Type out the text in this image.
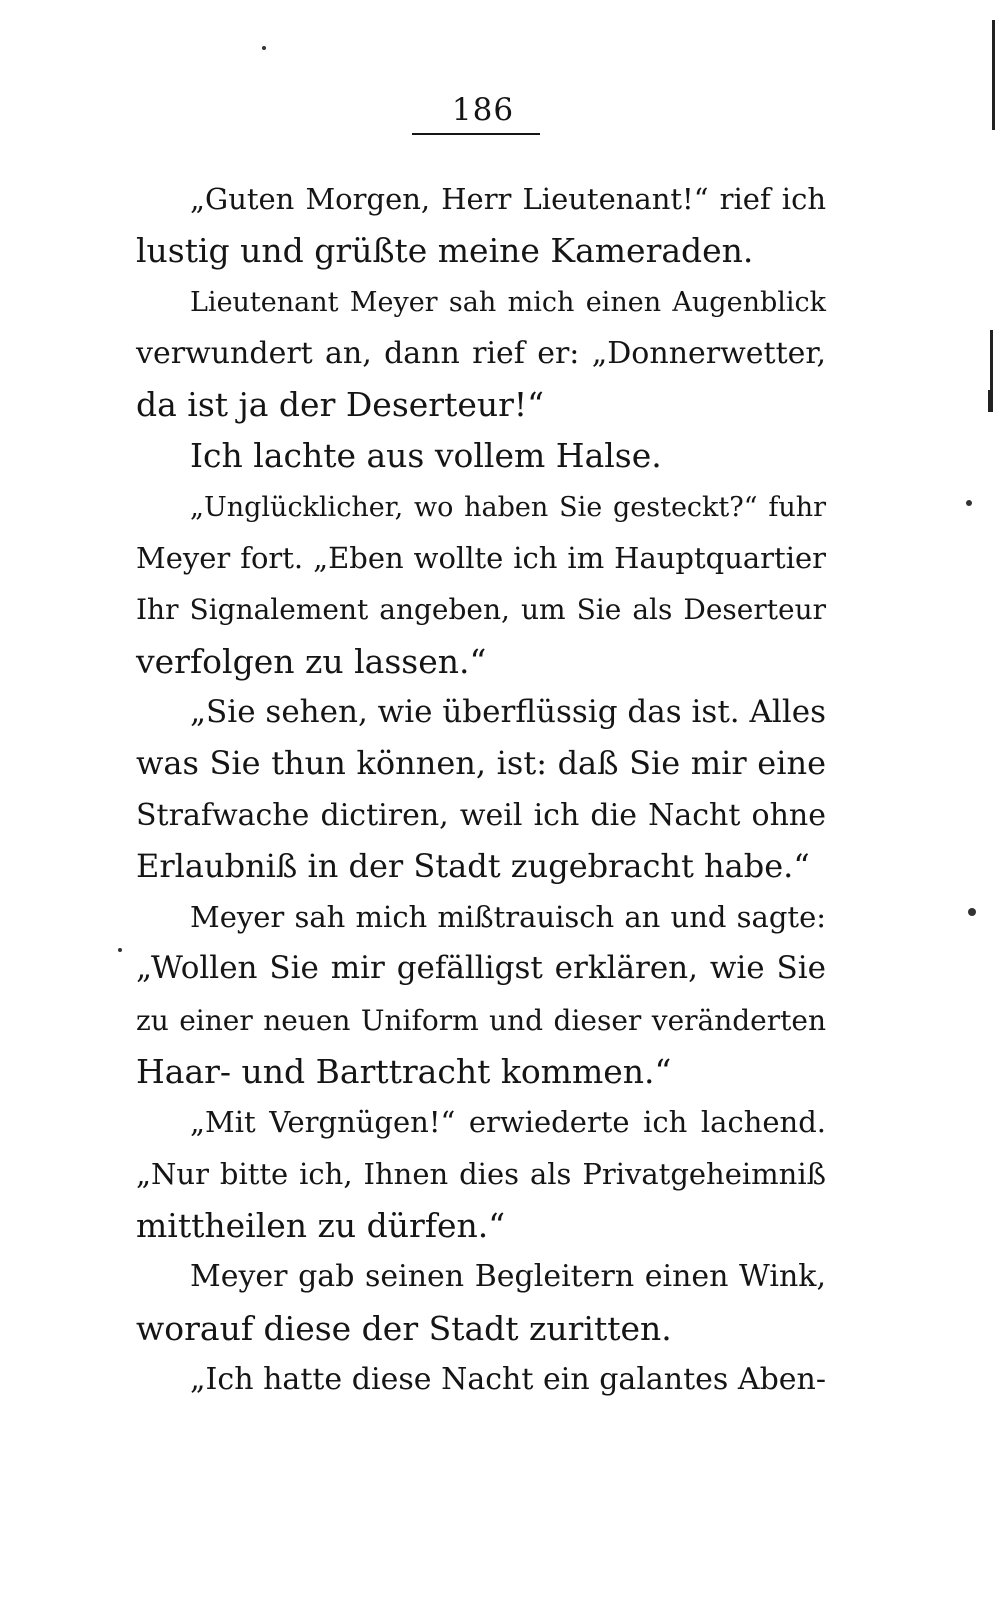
186
„Guten Morgen, Herr Lieutenant!“ rief ich
lustig und grüßte meine Kameraden.
Lieutenant Meyer sah mich einen Augenblick
verwundert an, dann rief er: „Donnerwetter,
da ist ja der Deserteur!“
Ich lachte aus vollem Halse.
„Unglücklicher, wo haben Sie gesteckt?“ fuhr
Meyer fort. „Eben wollte ich im Hauptquartier
Ihr Signalement angeben, um Sie als Deserteur
verfolgen zu lassen.“
„Sie sehen, wie überflüssig das ist. Alles
was Sie thun können, ist: daß Sie mir eine
Strafwache dictiren, weil ich die Nacht ohne
Erlaubniß in der Stadt zugebracht habe.“
Meyer sah mich mißtrauisch an und sagte:
„Wollen Sie mir gefälligst erklären, wie Sie
zu einer neuen Uniform und dieser veränderten
Haar- und Barttracht kommen.“
„Mit Vergnügen!“ erwiederte ich lachend.
„Nur bitte ich, Ihnen dies als Privatgeheimniß
mittheilen zu dürfen.“
Meyer gab seinen Begleitern einen Wink,
worauf diese der Stadt zuritten.
„Ich hatte diese Nacht ein galantes Aben-
